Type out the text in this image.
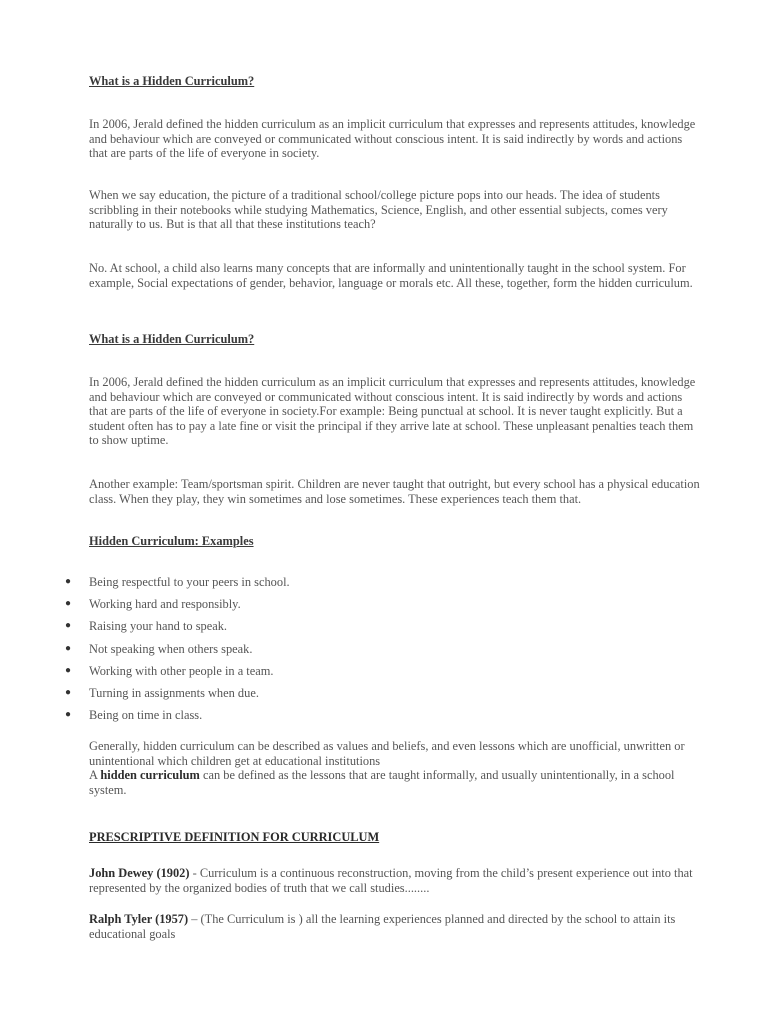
What is a Hidden Curriculum?
In 2006, Jerald defined the hidden curriculum as an implicit curriculum that expresses and represents attitudes, knowledge and behaviour which are conveyed or communicated without conscious intent. It is said indirectly by words and actions that are parts of the life of everyone in society.
When we say education, the picture of a traditional school/college picture pops into our heads. The idea of students scribbling in their notebooks while studying Mathematics, Science, English, and other essential subjects, comes very naturally to us. But is that all that these institutions teach?
No. At school, a child also learns many concepts that are informally and unintentionally taught in the school system. For example, Social expectations of gender, behavior, language or morals etc. All these, together, form the hidden curriculum.
What is a Hidden Curriculum?
In 2006, Jerald defined the hidden curriculum as an implicit curriculum that expresses and represents attitudes, knowledge and behaviour which are conveyed or communicated without conscious intent. It is said indirectly by words and actions that are parts of the life of everyone in society.For example: Being punctual at school. It is never taught explicitly. But a student often has to pay a late fine or visit the principal if they arrive late at school. These unpleasant penalties teach them to show uptime.
Another example: Team/sportsman spirit. Children are never taught that outright, but every school has a physical education class. When they play, they win sometimes and lose sometimes. These experiences teach them that.
Hidden Curriculum: Examples
● Being respectful to your peers in school.
● Working hard and responsibly.
● Raising your hand to speak.
● Not speaking when others speak.
● Working with other people in a team.
● Turning in assignments when due.
● Being on time in class.
Generally, hidden curriculum can be described as values and beliefs, and even lessons which are unofficial, unwritten or unintentional which children get at educational institutions
A hidden curriculum can be defined as the lessons that are taught informally, and usually unintentionally, in a school system.
PRESCRIPTIVE DEFINITION FOR CURRICULUM
John Dewey (1902) - Curriculum is a continuous reconstruction, moving from the child’s present experience out into that represented by the organized bodies of truth that we call studies........
Ralph Tyler (1957) – (The Curriculum is ) all the learning experiences planned and directed by the school to attain its educational goals
